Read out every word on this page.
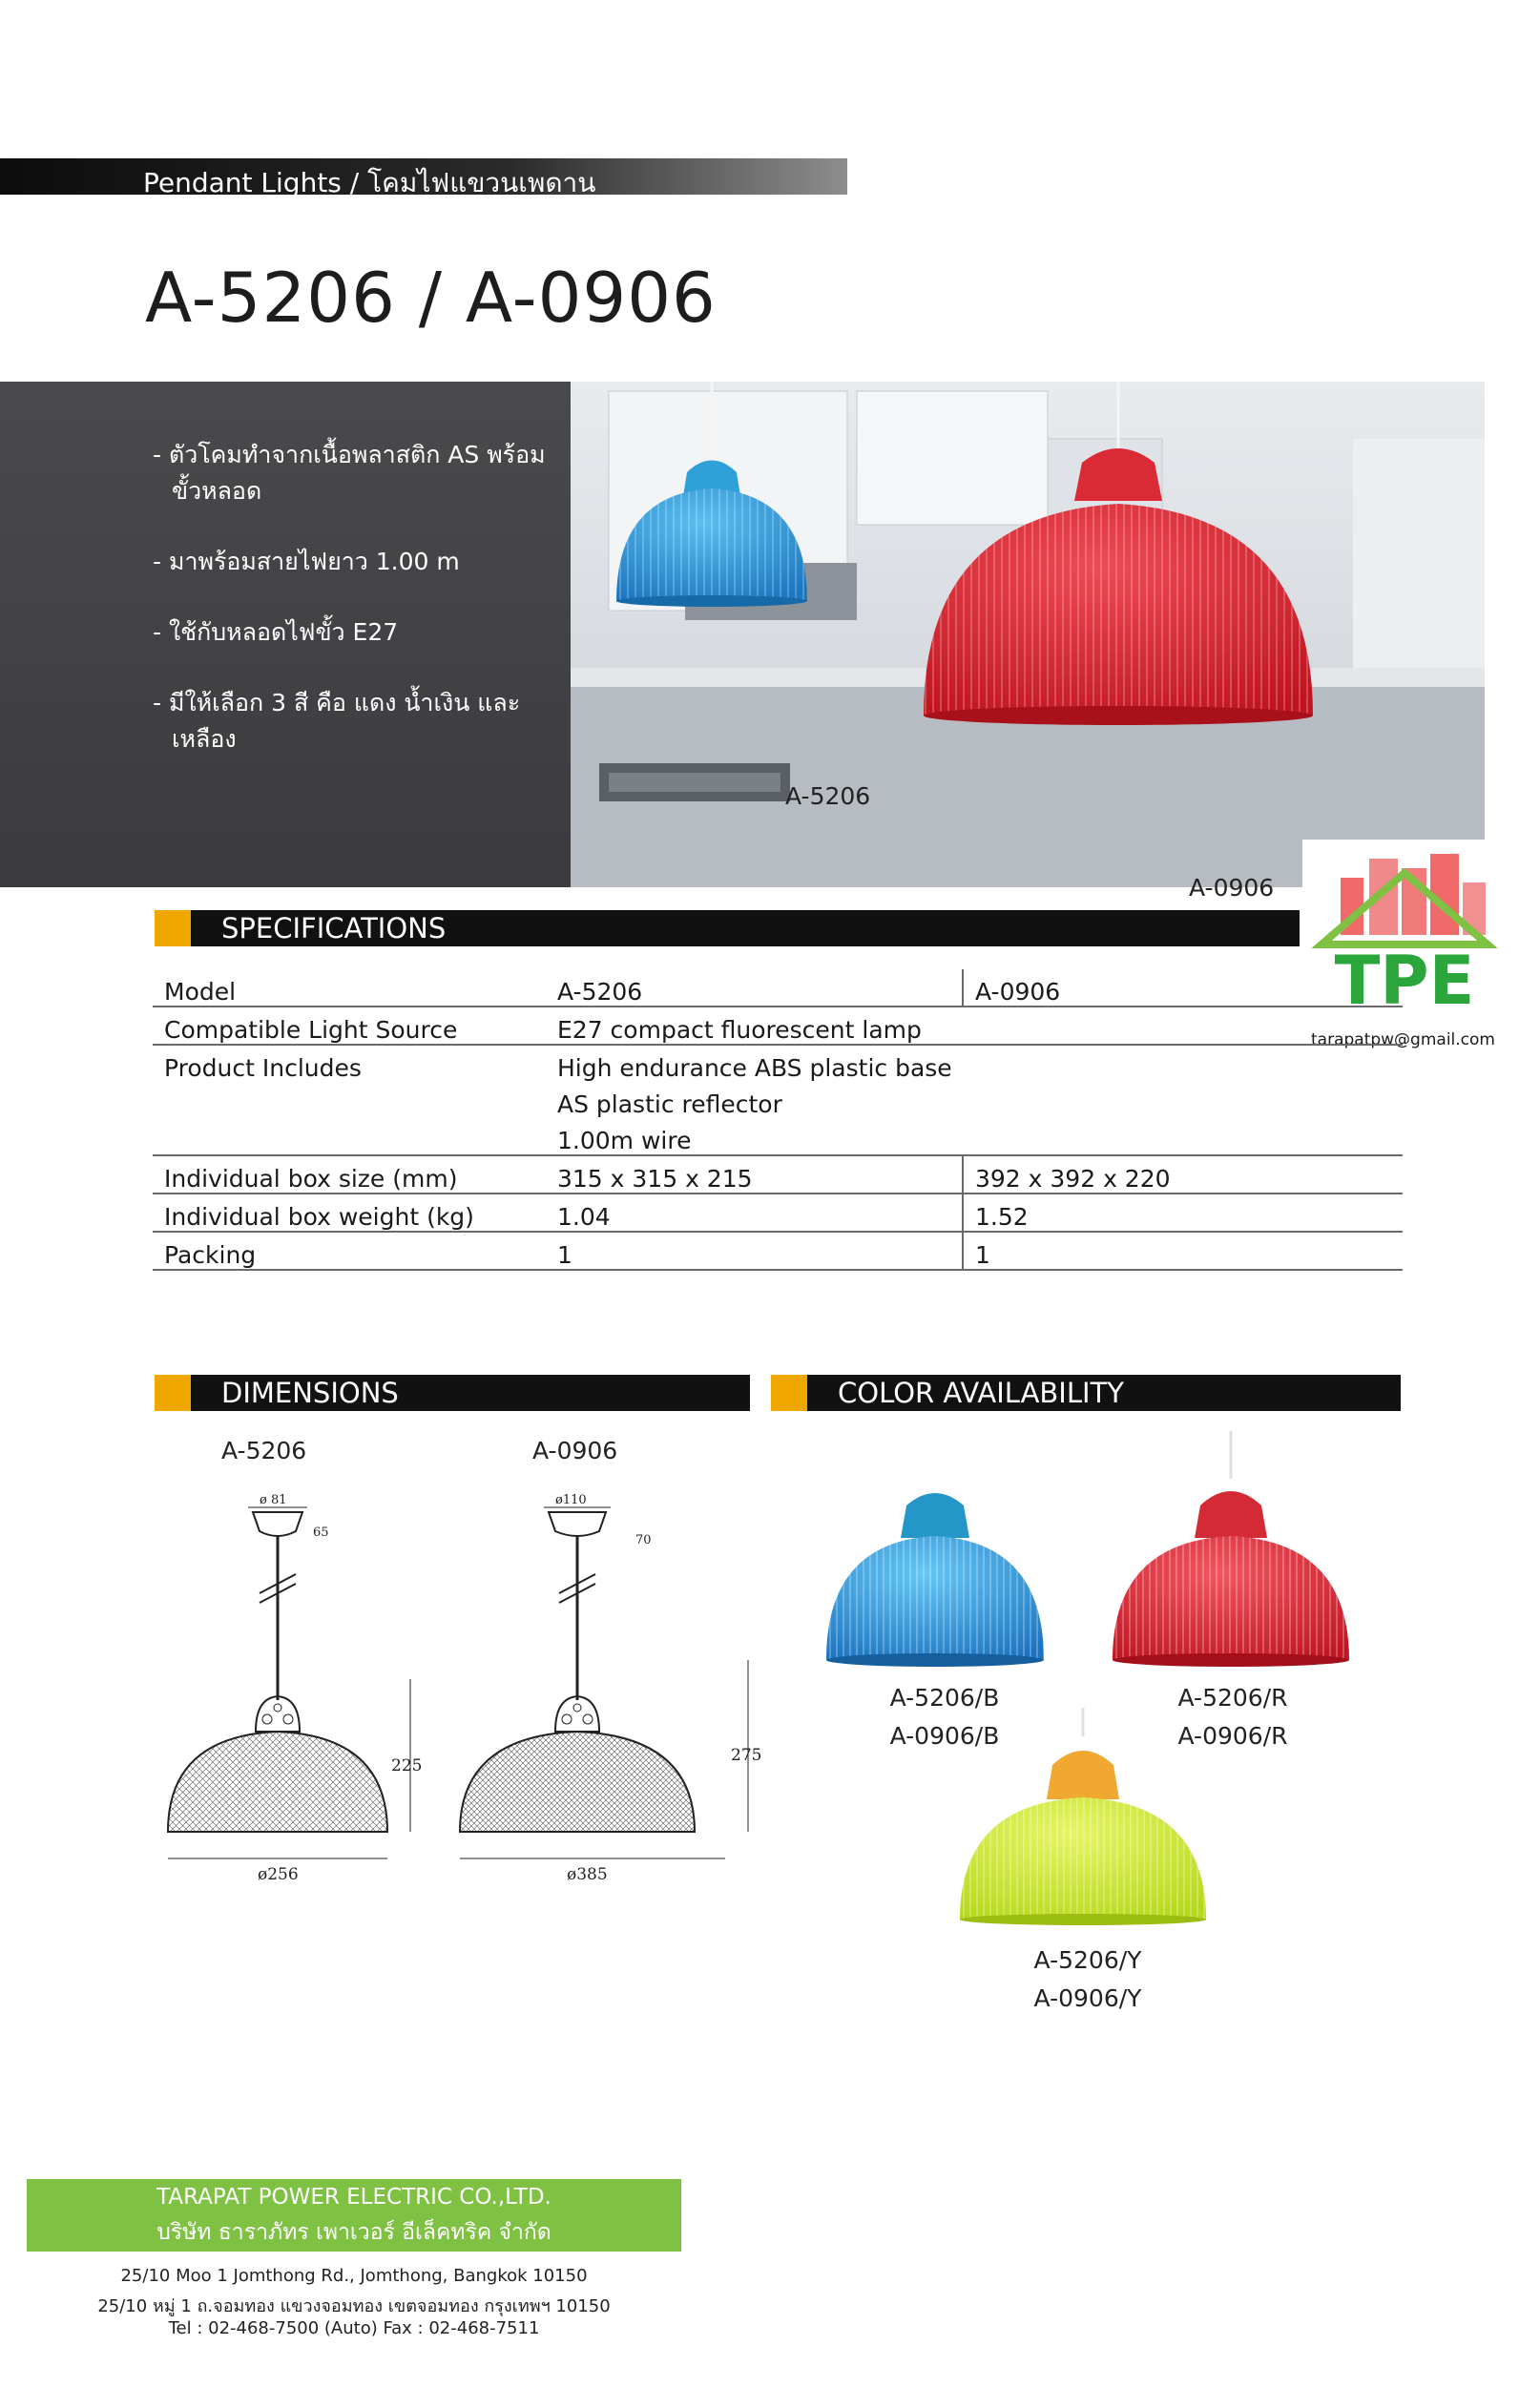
Pendant Lights / โคมไฟแขวนเพดาน
A-5206 / A-0906
- ตัวโคมทำจากเนื้อพลาสติก AS พร้อมขั้วหลอด
- มาพร้อมสายไฟยาว 1.00 m
- ใช้กับหลอดไฟขั้ว E27
- มีให้เลือก 3 สี คือ แดง น้ำเงิน และเหลือง
A-5206
A-0906
TPE
tarapatpw@gmail.com
SPECIFICATIONS
Model	A-5206	A-0906
Compatible Light Source	E27 compact fluorescent lamp	
Product Includes	High endurance ABS plastic base	
	AS plastic reflector	
	1.00m wire	
Individual box size (mm)	315 x 315 x 215	392 x 392 x 220
Individual box weight (kg)	1.04	1.52
Packing	1	1
DIMENSIONS
A-5206	A-0906
ø 81
65
225
ø256
ø110
70
275
ø385
COLOR AVAILABILITY
A-5206/B
A-0906/B
A-5206/R
A-0906/R
A-5206/Y
A-0906/Y
TARAPAT POWER ELECTRIC CO.,LTD.
บริษัท ธาราภัทร เพาเวอร์ อีเล็คทริค จำกัด
25/10 Moo 1 Jomthong Rd., Jomthong, Bangkok 10150
25/10 หมู่ 1 ถ.จอมทอง แขวงจอมทอง เขตจอมทอง กรุงเทพฯ 10150
Tel : 02-468-7500 (Auto) Fax : 02-468-7511
